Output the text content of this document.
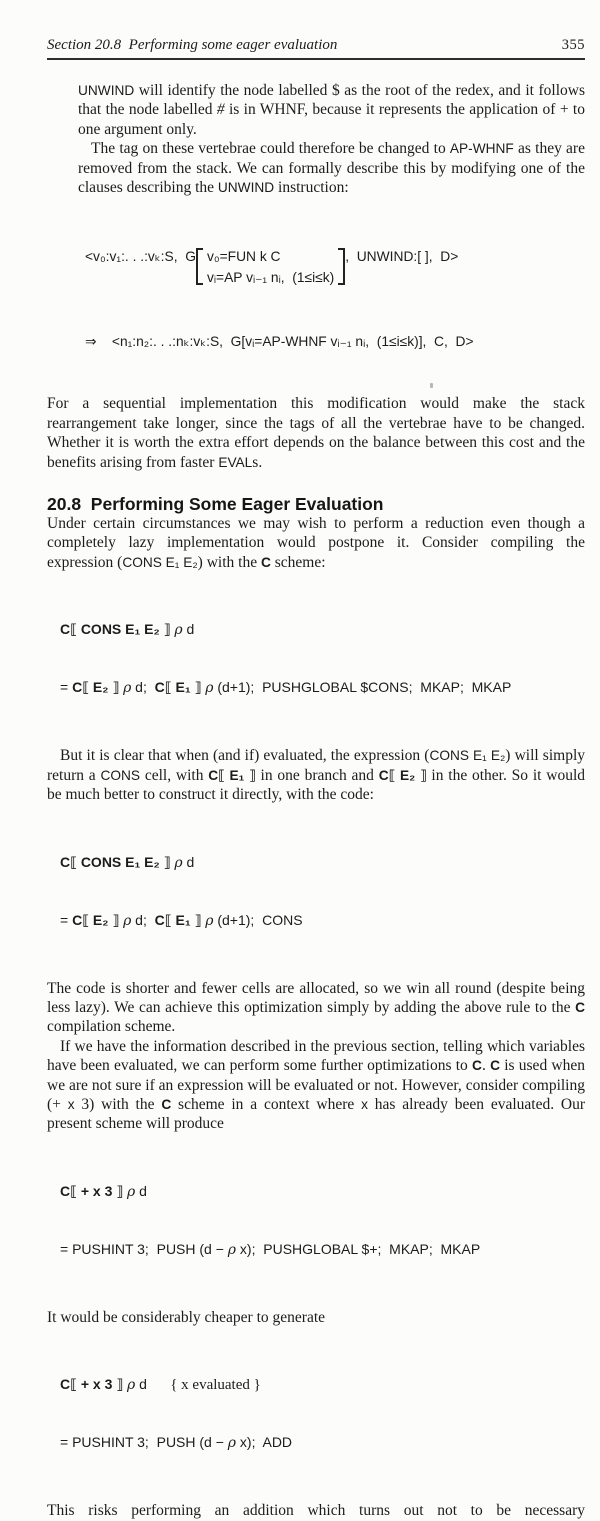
Section 20.8  Performing some eager evaluation	355

UNWIND will identify the node labelled $ as the root of the redex, and it follows that the node labelled # is in WHNF, because it represents the application of + to one argument only.

The tag on these vertebrae could therefore be changed to AP-WHNF as they are removed from the stack. We can formally describe this by modifying one of the clauses describing the UNWIND instruction:

<v₀:v₁:. . .:vₖ:S,  G v₀=FUN k C
vᵢ=AP vᵢ₋₁ nᵢ,  (1≤i≤k)
,  UNWIND:[ ],  D>

⇒    <n₁:n₂:. . .:nₖ:vₖ:S,  G[vᵢ=AP-WHNF vᵢ₋₁ nᵢ,  (1≤i≤k)],  C,  D>

For a sequential implementation this modification would make the stack rearrangement take longer, since the tags of all the vertebrae have to be changed. Whether it is worth the extra effort depends on the balance between this cost and the benefits arising from faster EVALs.

20.8  Performing Some Eager Evaluation

Under certain circumstances we may wish to perform a reduction even though a completely lazy implementation would postpone it. Consider compiling the expression (CONS E₁ E₂) with the C scheme:

C⟦ CONS E₁ E₂ ⟧ ρ d

= C⟦ E₂ ⟧ ρ d;  C⟦ E₁ ⟧ ρ (d+1);  PUSHGLOBAL $CONS;  MKAP;  MKAP

But it is clear that when (and if) evaluated, the expression (CONS E₁ E₂) will simply return a CONS cell, with C⟦ E₁ ⟧ in one branch and C⟦ E₂ ⟧ in the other. So it would be much better to construct it directly, with the code:

C⟦ CONS E₁ E₂ ⟧ ρ d

= C⟦ E₂ ⟧ ρ d;  C⟦ E₁ ⟧ ρ (d+1);  CONS

The code is shorter and fewer cells are allocated, so we win all round (despite being less lazy). We can achieve this optimization simply by adding the above rule to the C compilation scheme.

If we have the information described in the previous section, telling which variables have been evaluated, we can perform some further optimizations to C. C is used when we are not sure if an expression will be evaluated or not. However, consider compiling (+ x 3) with the C scheme in a context where x has already been evaluated. Our present scheme will produce

C⟦ + x 3 ⟧ ρ d

= PUSHINT 3;  PUSH (d − ρ x);  PUSHGLOBAL $+;  MKAP;  MKAP

It would be considerably cheaper to generate

C⟦ + x 3 ⟧ ρ d { x evaluated }

= PUSHINT 3;  PUSH (d − ρ x);  ADD

This risks performing an addition which turns out not to be necessary
